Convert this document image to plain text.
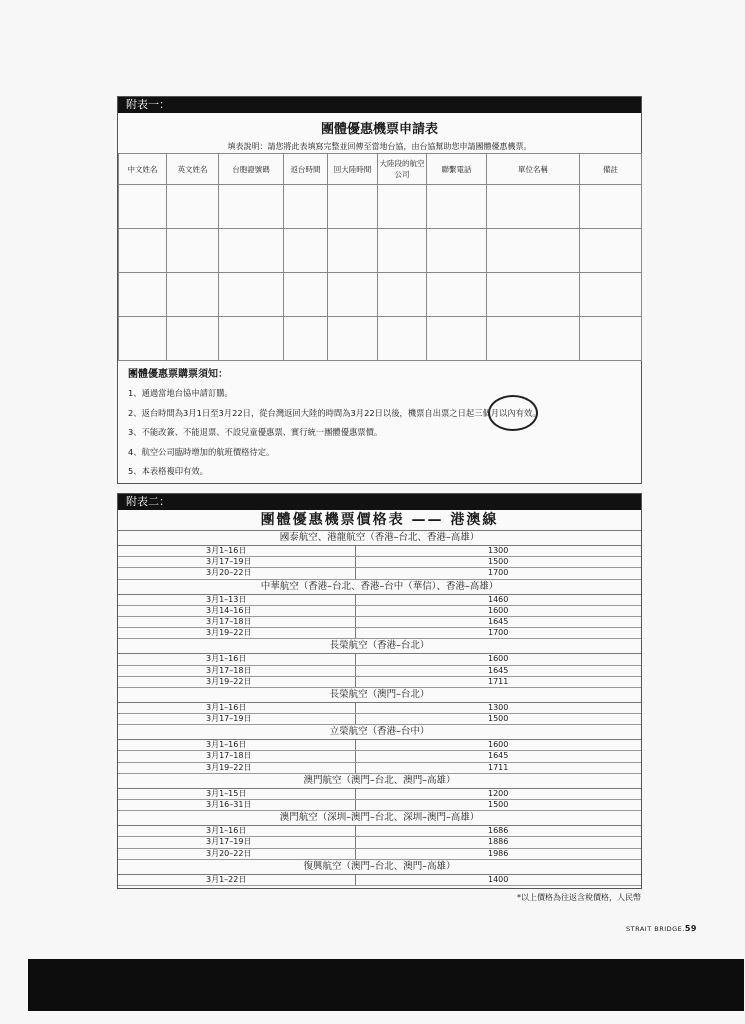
附表一：
團體優惠機票申請表
填表說明：請您將此表填寫完整並回傳至當地台協，由台協幫助您申請團體優惠機票。
中文姓名	英文姓名	台胞證號碼	返台時間	回大陸時間	大陸段的航空公司	聯繫電話	單位名稱	備註

團體優惠票購票須知：
1、通過當地台協申請訂購。
2、返台時間為3月1日至3月22日，從台灣返回大陸的時間為3月22日以後，機票自出票之日起三個月以內有效。
3、不能改簽、不能退票、不設兒童優惠票、實行統一團體優惠票價。
4、航空公司臨時增加的航班價格待定。
5、本表格複印有效。
附表二：
團體優惠機票價格表 —— 港澳線
國泰航空、港龍航空（香港–台北、香港–高雄）
3月1–16日	1300
3月17–19日	1500
3月20–22日	1700
中華航空（香港–台北、香港–台中（華信）、香港–高雄）
3月1–13日	1460
3月14–16日	1600
3月17–18日	1645
3月19–22日	1700
長榮航空（香港–台北）
3月1–16日	1600
3月17–18日	1645
3月19–22日	1711
長榮航空（澳門–台北）
3月1–16日	1300
3月17–19日	1500
立榮航空（香港–台中）
3月1–16日	1600
3月17–18日	1645
3月19–22日	1711
澳門航空（澳門–台北、澳門–高雄）
3月1–15日	1200
3月16–31日	1500
澳門航空（深圳–澳門–台北、深圳–澳門–高雄）
3月1–16日	1686
3月17–19日	1886
3月20–22日	1986
復興航空（澳門–台北、澳門–高雄）
3月1–22日	1400
*以上價格為往返含稅價格，人民幣
STRAIT BRIDGE.59
